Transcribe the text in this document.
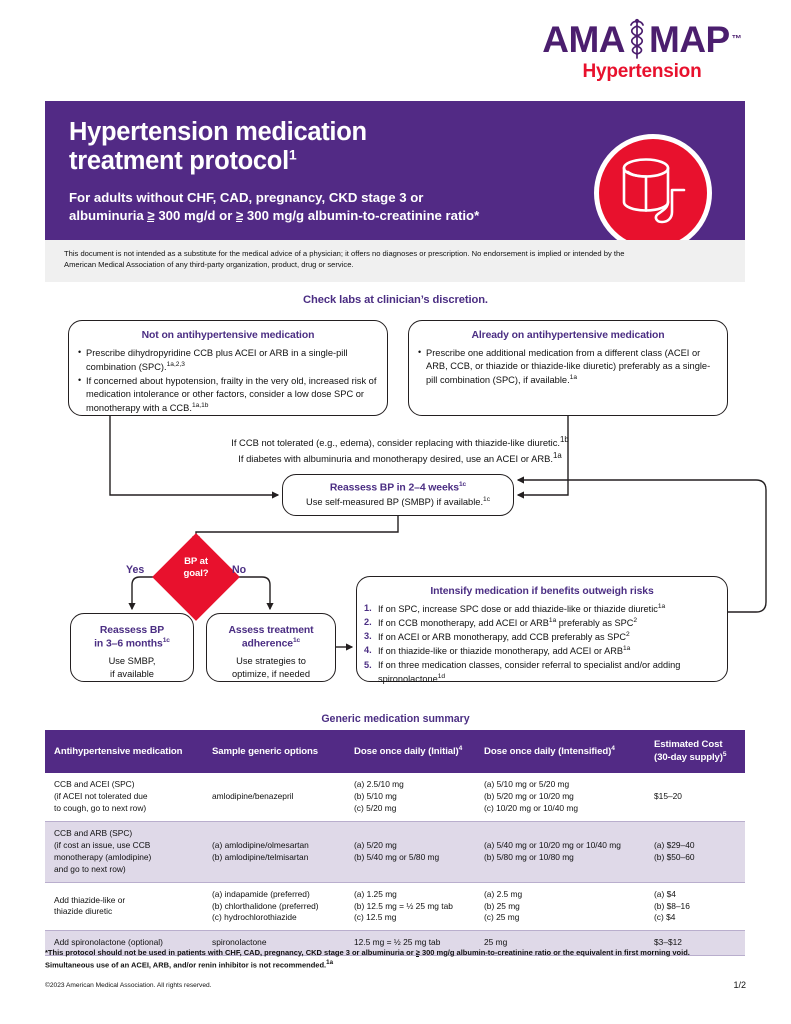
AMA MAP ™
Hypertension
Hypertension medication
treatment protocol$^1$
For adults without CHF, CAD, pregnancy, CKD stage 3 or
albuminuria ≥ 300 mg/d or ≥ 300 mg/g albumin-to-creatinine ratio*

This document is not intended as a substitute for the medical advice of a physician; it offers no diagnoses or prescription. No endorsement is implied or intended by the American Medical Association of any third-party organization, product, drug or service.

Check labs at clinician’s discretion.
Not on antihypertensive medication
• Prescribe dihydropyridine CCB plus ACEI or ARB in a single-pill combination (SPC).$^{1a,2,3}$
• If concerned about hypotension, frailty in the very old, increased risk of medication intolerance or other factors, consider a low dose SPC or monotherapy with a CCB.$^{1a,1b}$
Already on antihypertensive medication
• Prescribe one additional medication from a different class (ACEI or ARB, CCB, or thiazide or thiazide-like diuretic) preferably as a single-pill combination (SPC), if available.$^{1a}$
If CCB not tolerated (e.g., edema), consider replacing with thiazide-like diuretic.$^{1b}$
If diabetes with albuminuria and monotherapy desired, use an ACEI or ARB.$^{1a}$
Reassess BP in 2–4 weeks$^{1c}$
Use self-measured BP (SMBP) if available.$^{1c}$
BP at
goal?
Yes	No
Reassess BP
in 3–6 months$^{1c}$
Use SMBP,
if available
Assess treatment
adherence$^{1c}$
Use strategies to
optimize, if needed
Intensify medication if benefits outweigh risks
If on SPC, increase SPC dose or add thiazide-like or thiazide diuretic$^{1a}$
If on CCB monotherapy, add ACEI or $ARB^{1a}$ preferably as SPC$^2$
If on ACEI or ARB monotherapy, add CCB preferably as SPC$^2$
If on thiazide-like or thiazide monotherapy, add ACEI or $ARB^{1a}$
If on three medication classes, consider referral to specialist and/or adding spironolactone$^{1d}$
Generic medication summary
Antihypertensive medication	Sample generic options	Dose once daily (Initial)$^4$	Dose once daily (Intensified)$^4$	Estimated Cost (30-day supply)$^5$

CCB and ACEI (SPC)
(if ACEI not tolerated due
to cough, go to next row)	amlodipine/benazepril	(a) 2.5/10 mg
(b) 5/10 mg
(c) 5/20 mg	(a) 5/10 mg or 5/20 mg
(b) 5/20 mg or 10/20 mg
(c) 10/20 mg or 10/40 mg	$15–20

CCB and ARB (SPC)
(if cost an issue, use CCB
monotherapy (amlodipine)
and go to next row)	(a) amlodipine/olmesartan
(b) amlodipine/telmisartan	(a) 5/20 mg
(b) 5/40 mg or 5/80 mg	(a) 5/40 mg or 10/20 mg or 10/40 mg
(b) 5/80 mg or 10/80 mg	(a) $29–40
(b) $50–60

Add thiazide-like or
thiazide diuretic	(a) indapamide (preferred)
(b) chlorthalidone (preferred)
(c) hydrochlorothiazide	(a) 1.25 mg
(b) 12.5 mg = ½ 25 mg tab
(c) 12.5 mg	(a) 2.5 mg
(b) 25 mg
(c) 25 mg	(a) $4
(b) $8–16
(c) $4

Add spironolactone (optional)	spironolactone	12.5 mg = ½ 25 mg tab	25 mg	$3–$12
*This protocol should not be used in patients with CHF, CAD, pregnancy, CKD stage 3 or albuminuria or ≥ 300 mg/g albumin-to-creatinine ratio or the equivalent in first morning void.
Simultaneous use of an ACEI, ARB, and/or renin inhibitor is not recommended.$^{1a}$
©2023 American Medical Association. All rights reserved.	1/2
